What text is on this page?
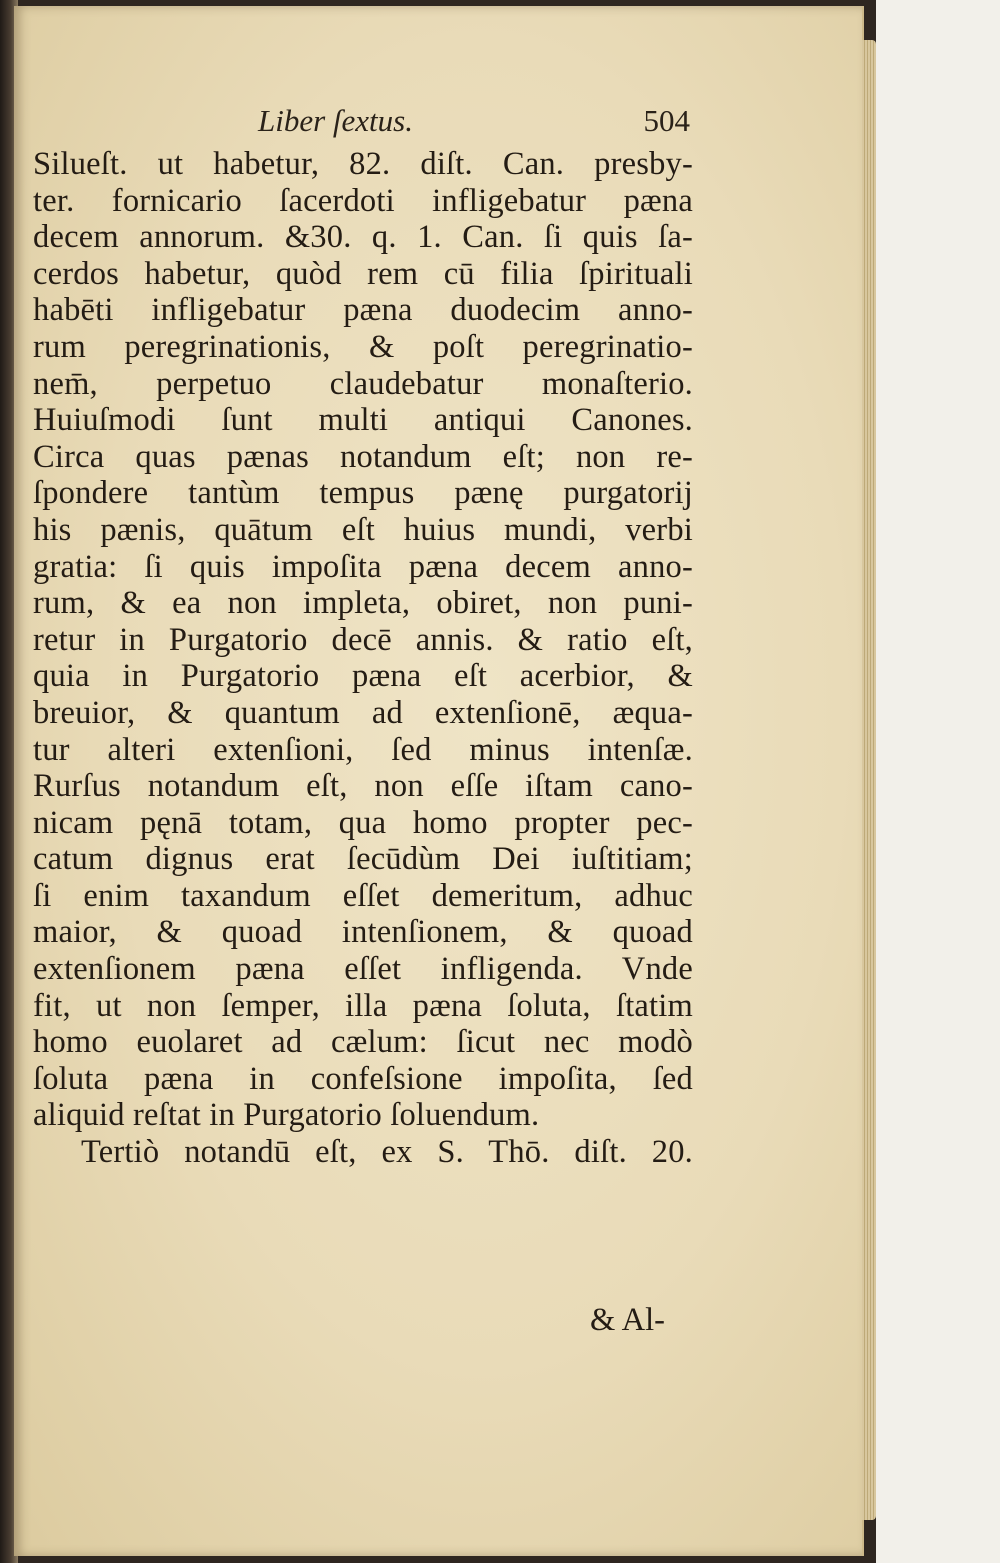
Liber ſextus.	504
Silueſt. ut habetur, 82. diſt. Can. presby-
ter. fornicario ſacerdoti infligebatur pæna
decem annorum. &30. q. 1. Can. ſi quis ſa-
cerdos habetur, quòd rem cū filia ſpirituali
habēti infligebatur pæna duodecim anno-
rum peregrinationis, & poſt peregrinatio-
nem̄, perpetuo claudebatur monaſterio.
Huiuſmodi ſunt multi antiqui Canones.
Circa quas pænas notandum eſt; non re-
ſpondere tantùm tempus pænę purgatorij
his pænis, quātum eſt huius mundi, verbi
gratia: ſi quis impoſita pæna decem anno-
rum, & ea non impleta, obiret, non puni-
retur in Purgatorio decē annis. & ratio eſt,
quia in Purgatorio pæna eſt acerbior, &
breuior, & quantum ad extenſionē, æqua-
tur alteri extenſioni, ſed minus intenſæ.
Rurſus notandum eſt, non eſſe iſtam cano-
nicam pęnā totam, qua homo propter pec-
catum dignus erat ſecūdùm Dei iuſtitiam;
ſi enim taxandum eſſet demeritum, adhuc
maior, & quoad intenſionem, & quoad
extenſionem pæna eſſet infligenda. Vnde
fit, ut non ſemper, illa pæna ſoluta, ſtatim
homo euolaret ad cælum: ſicut nec modò
ſoluta pæna in confeſsione impoſita, ſed
aliquid reſtat in Purgatorio ſoluendum.
Tertiò notandū eſt, ex S. Thō. diſt. 20.
& Al-
